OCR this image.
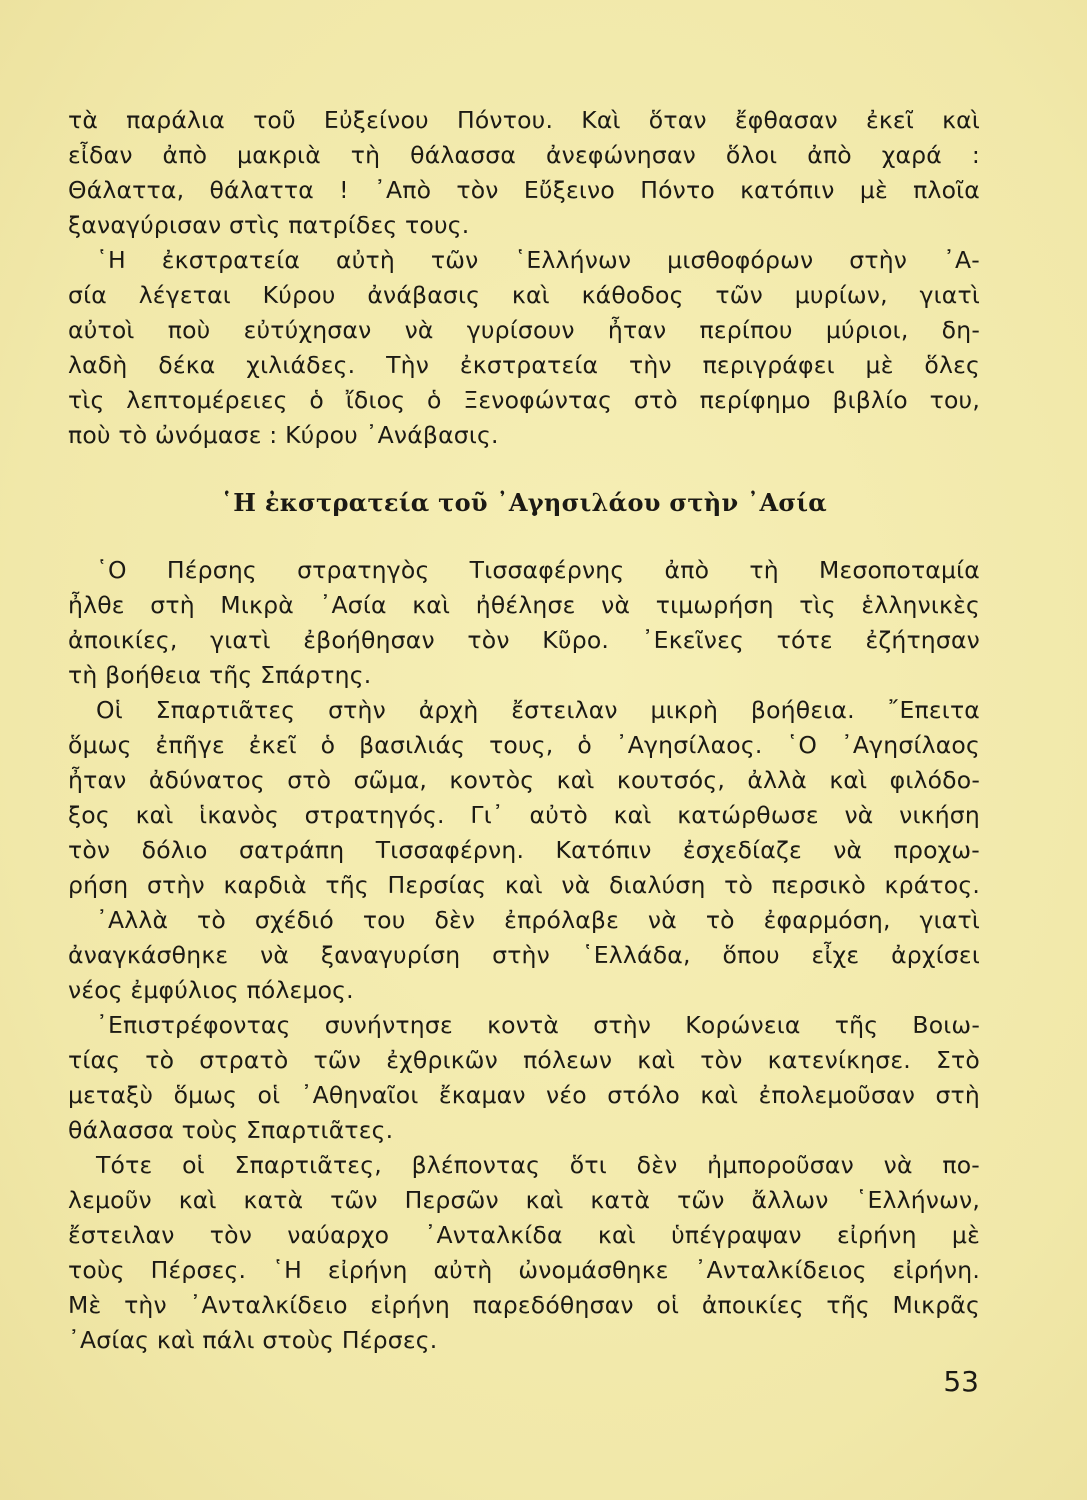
τὰ παράλια τοῦ Εὐξείνου Πόντου. Καὶ ὅταν ἔφθασαν ἐκεῖ καὶ
εἶδαν ἀπὸ μακριὰ τὴ θάλασσα ἀνεφώνησαν ὅλοι ἀπὸ χαρά :
Θάλαττα, θάλαττα ! ᾿Απὸ τὸν Εὔξεινο Πόντο κατόπιν μὲ πλοῖα
ξαναγύρισαν στὶς πατρίδες τους.
῾Η ἐκστρατεία αὐτὴ τῶν ῾Ελλήνων μισθοφόρων στὴν ᾿Α-
σία λέγεται Κύρου ἀνάβασις καὶ κάθοδος τῶν μυρίων, γιατὶ
αὐτοὶ ποὺ εὐτύχησαν νὰ γυρίσουν ἦταν περίπου μύριοι, δη-
λαδὴ δέκα χιλιάδες. Τὴν ἐκστρατεία τὴν περιγράφει μὲ ὅλες
τὶς λεπτομέρειες ὁ ἴδιος ὁ Ξενοφώντας στὸ περίφημο βιβλίο του,
ποὺ τὸ ὠνόμασε : Κύρου ᾿Ανάβασις.
῾Η ἐκστρατεία τοῦ ᾿Αγησιλάου στὴν ᾿Ασία
῾Ο Πέρσης στρατηγὸς Τισσαφέρνης ἀπὸ τὴ Μεσοποταμία
ἦλθε στὴ Μικρὰ ᾿Ασία καὶ ἠθέλησε νὰ τιμωρήση τὶς ἑλληνικὲς
ἀποικίες, γιατὶ ἐβοήθησαν τὸν Κῦρο. ᾿Εκεῖνες τότε ἐζήτησαν
τὴ βοήθεια τῆς Σπάρτης.
Οἱ Σπαρτιᾶτες στὴν ἀρχὴ ἔστειλαν μικρὴ βοήθεια. ῎Επειτα
ὅμως ἐπῆγε ἐκεῖ ὁ βασιλιάς τους, ὁ ᾿Αγησίλαος. ῾Ο ᾿Αγησίλαος
ἦταν ἀδύνατος στὸ σῶμα, κοντὸς καὶ κουτσός, ἀλλὰ καὶ φιλόδο-
ξος καὶ ἱκανὸς στρατηγός. Γι᾿ αὐτὸ καὶ κατώρθωσε νὰ νικήση
τὸν δόλιο σατράπη Τισσαφέρνη. Κατόπιν ἐσχεδίαζε νὰ προχω-
ρήση στὴν καρδιὰ τῆς Περσίας καὶ νὰ διαλύση τὸ περσικὸ κράτος.
᾿Αλλὰ τὸ σχέδιό του δὲν ἐπρόλαβε νὰ τὸ ἐφαρμόση, γιατὶ
ἀναγκάσθηκε νὰ ξαναγυρίση στὴν ῾Ελλάδα, ὅπου εἶχε ἀρχίσει
νέος ἐμφύλιος πόλεμος.
᾿Επιστρέφοντας συνήντησε κοντὰ στὴν Κορώνεια τῆς Βοιω-
τίας τὸ στρατὸ τῶν ἐχθρικῶν πόλεων καὶ τὸν κατενίκησε. Στὸ
μεταξὺ ὅμως οἱ ᾿Αθηναῖοι ἔκαμαν νέο στόλο καὶ ἐπολεμοῦσαν στὴ
θάλασσα τοὺς Σπαρτιᾶτες.
Τότε οἱ Σπαρτιᾶτες, βλέποντας ὅτι δὲν ἠμποροῦσαν νὰ πο-
λεμοῦν καὶ κατὰ τῶν Περσῶν καὶ κατὰ τῶν ἄλλων ῾Ελλήνων,
ἔστειλαν τὸν ναύαρχο ᾿Ανταλκίδα καὶ ὑπέγραψαν εἰρήνη μὲ
τοὺς Πέρσες. ῾Η εἰρήνη αὐτὴ ὠνομάσθηκε ᾿Ανταλκίδειος εἰρήνη.
Μὲ τὴν ᾿Ανταλκίδειο εἰρήνη παρεδόθησαν οἱ ἀποικίες τῆς Μικρᾶς
᾿Ασίας καὶ πάλι στοὺς Πέρσες.
53
